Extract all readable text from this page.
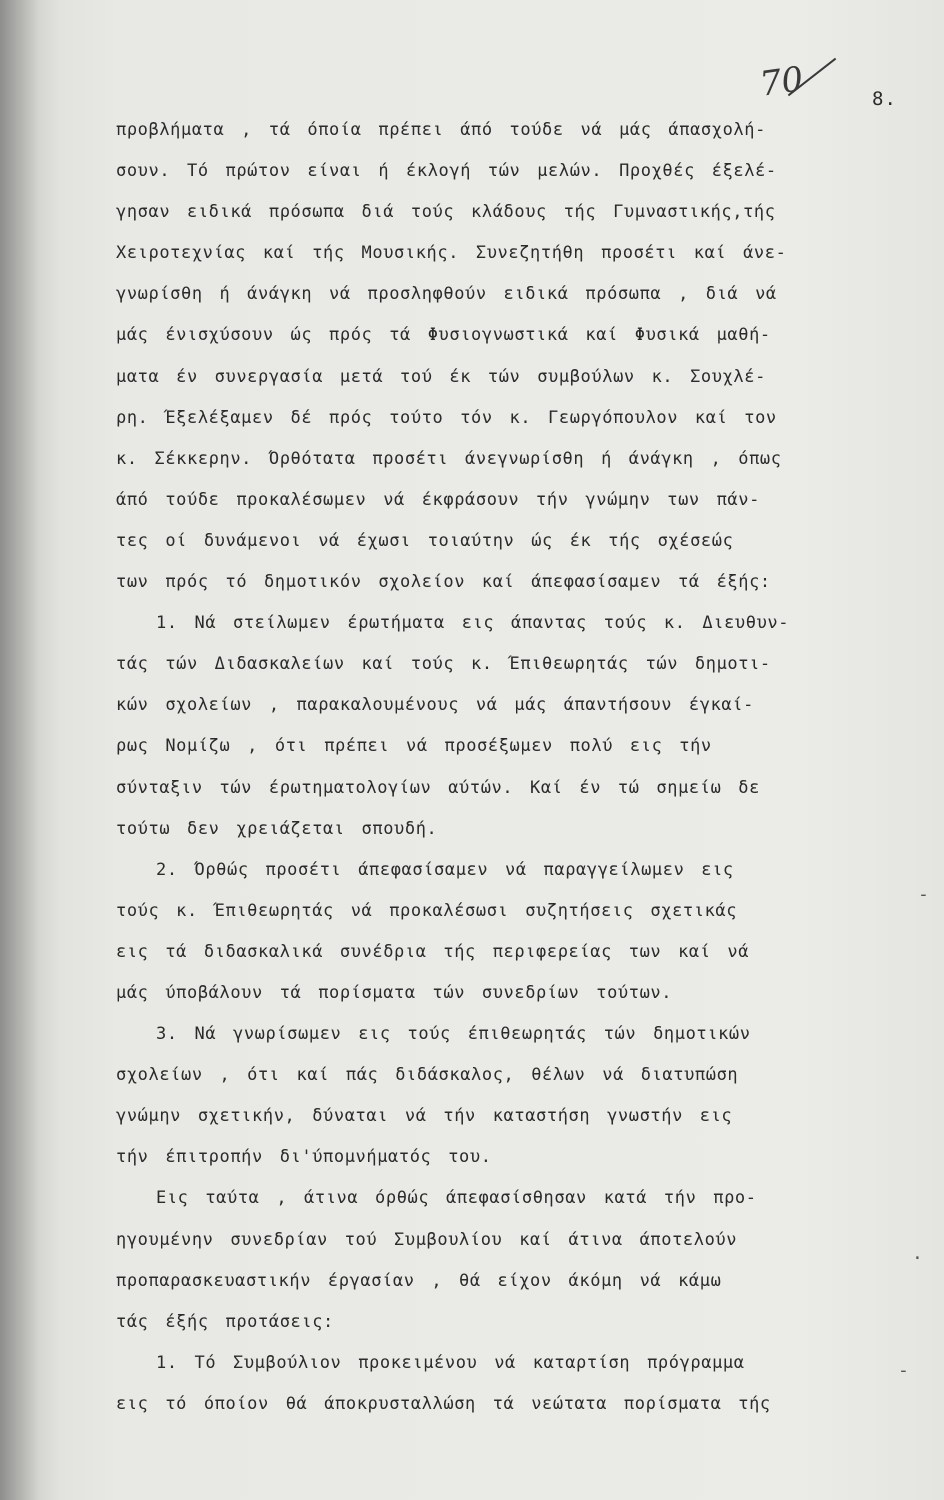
70	8.
προβλήματα , τά όποία πρέπει άπό τούδε νά μάς άπασχολή-
σουν. Τό πρώτον είναι ή έκλογή τών μελών. Προχθές έξελέ-
γησαν ειδικά πρόσωπα διά τούς κλάδους τής Γυμναστικής,τής
Χειροτεχνίας καί τής Μουσικής. Συνεζητήθη προσέτι καί άνε-
γνωρίσθη ή άνάγκη νά προσληφθούν ειδικά πρόσωπα , διά νά
μάς ένισχύσουν ώς πρός τά Φυσιογνωστικά καί Φυσικά μαθή-
ματα έν συνεργασία μετά τού έκ τών συμβούλων κ. Σουχλέ-
ρη. Έξελέξαμεν δέ πρός τούτο τόν κ. Γεωργόπουλον καί τον
κ. Σέκκερην. Όρθότατα προσέτι άνεγνωρίσθη ή άνάγκη , όπως
άπό τούδε προκαλέσωμεν νά έκφράσουν τήν γνώμην των πάν-
τες οί δυνάμενοι νά έχωσι τοιαύτην ώς έκ τής σχέσεώς
των πρός τό δημοτικόν σχολείον καί άπεφασίσαμεν τά έξής:
1. Νά στείλωμεν έρωτήματα εις άπαντας τούς κ. Διευθυν-
τάς τών Διδασκαλείων καί τούς κ. Έπιθεωρητάς τών δημοτι-
κών σχολείων , παρακαλουμένους νά μάς άπαντήσουν έγκαί-
ρως Νομίζω , ότι πρέπει νά προσέξωμεν πολύ εις τήν
σύνταξιν τών έρωτηματολογίων αύτών. Καί έν τώ σημείω δε
τούτω δεν χρειάζεται σπουδή.
2. Όρθώς προσέτι άπεφασίσαμεν νά παραγγείλωμεν εις
τούς κ. Έπιθεωρητάς νά προκαλέσωσι συζητήσεις σχετικάς
εις τά διδασκαλικά συνέδρια τής περιφερείας των καί νά
μάς ύποβάλουν τά πορίσματα τών συνεδρίων τούτων.
3. Νά γνωρίσωμεν εις τούς έπιθεωρητάς τών δημοτικών
σχολείων , ότι καί πάς διδάσκαλος, θέλων νά διατυπώση
γνώμην σχετικήν, δύναται νά τήν καταστήση γνωστήν εις
τήν έπιτροπήν δι'ύπομνήματός του.
Εις ταύτα , άτινα όρθώς άπεφασίσθησαν κατά τήν προ-
ηγουμένην συνεδρίαν τού Συμβουλίου καί άτινα άποτελούν
προπαρασκευαστικήν έργασίαν , θά είχον άκόμη νά κάμω
τάς έξής προτάσεις:
1. Τό Συμβούλιον προκειμένου νά καταρτίση πρόγραμμα
εις τό όποίον θά άποκρυσταλλώση τά νεώτατα πορίσματα τής
-
·
-
